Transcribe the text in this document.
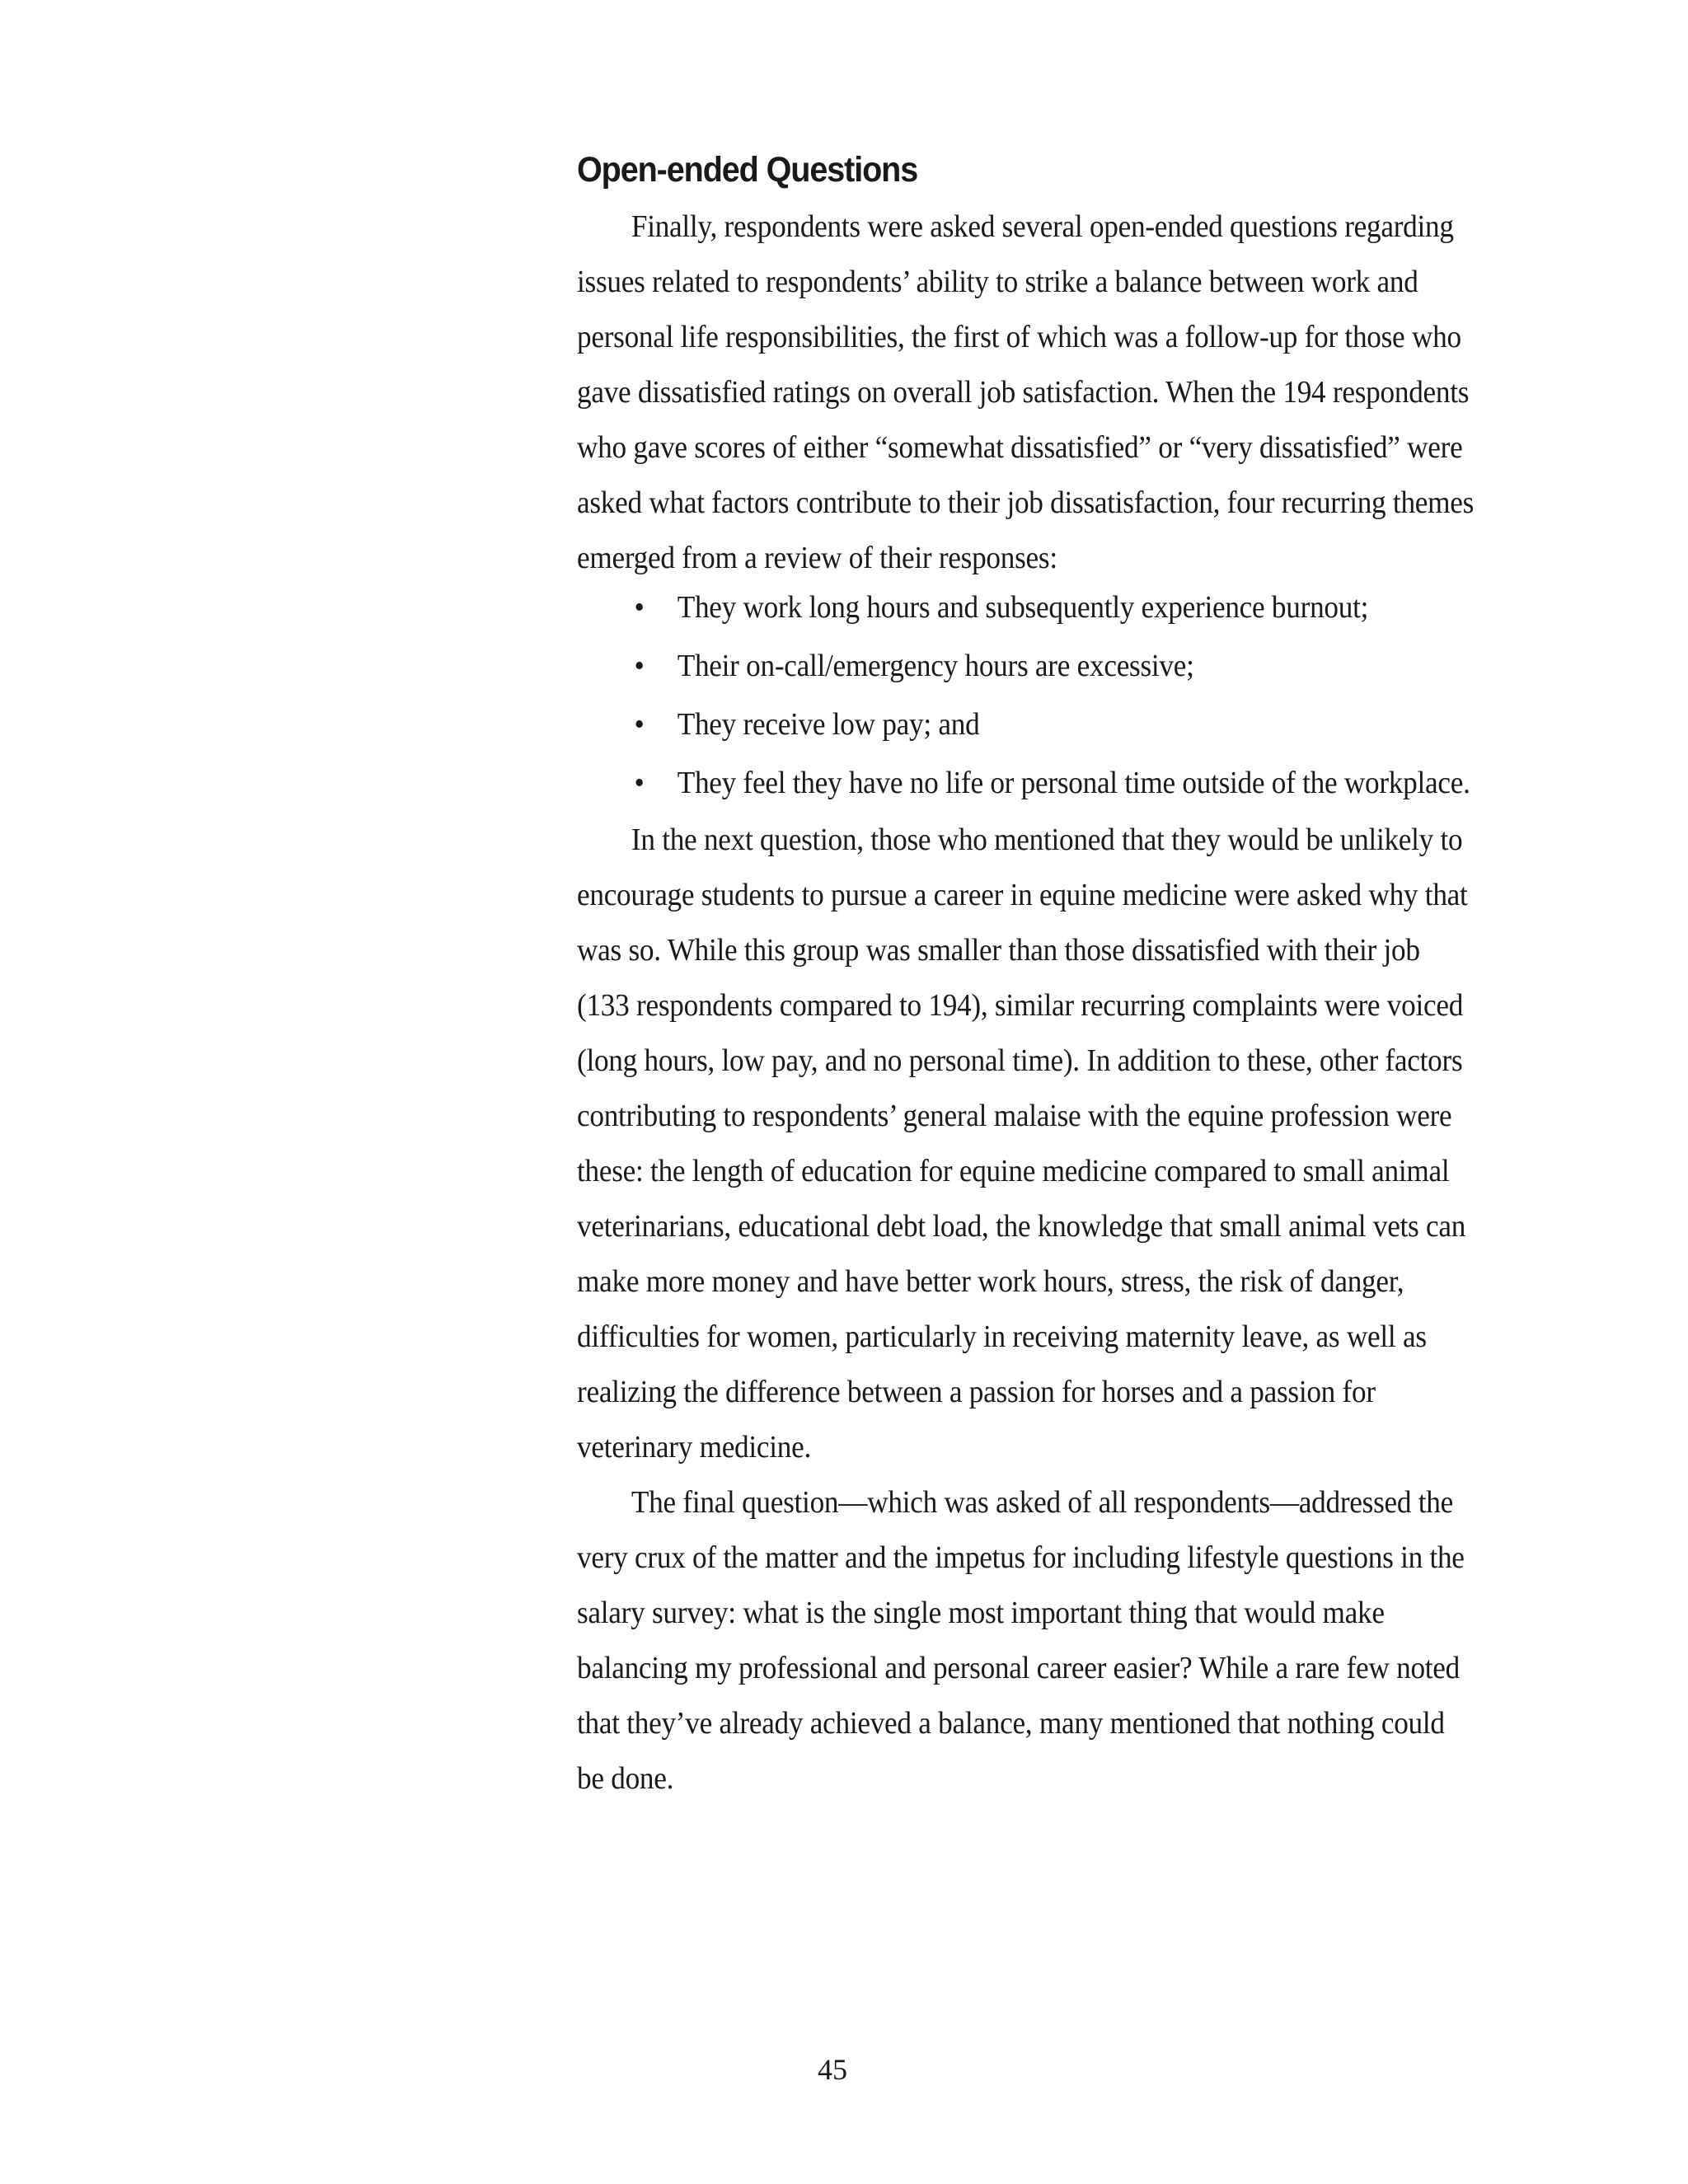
Open-ended Questions

Finally, respondents were asked several open-ended questions regarding issues related to respondents’ ability to strike a balance between work and personal life responsibilities, the first of which was a follow-up for those who gave dissatisfied ratings on overall job satisfaction. When the 194 respondents who gave scores of either “somewhat dissatisfied” or “very dissatisfied” were asked what factors contribute to their job dissatisfaction, four recurring themes emerged from a review of their responses:

• They work long hours and subsequently experience burnout;
• Their on-call/emergency hours are excessive;
• They receive low pay; and
• They feel they have no life or personal time outside of the workplace.

In the next question, those who mentioned that they would be unlikely to encourage students to pursue a career in equine medicine were asked why that was so. While this group was smaller than those dissatisfied with their job (133 respondents compared to 194), similar recurring complaints were voiced (long hours, low pay, and no personal time). In addition to these, other factors contributing to respondents’ general malaise with the equine profession were these: the length of education for equine medicine compared to small animal veterinarians, educational debt load, the knowledge that small animal vets can make more money and have better work hours, stress, the risk of danger, difficulties for women, particularly in receiving maternity leave, as well as realizing the difference between a passion for horses and a passion for veterinary medicine.

The final question—which was asked of all respondents—addressed the very crux of the matter and the impetus for including lifestyle questions in the salary survey: what is the single most important thing that would make balancing my professional and personal career easier? While a rare few noted that they’ve already achieved a balance, many mentioned that nothing could be done.

45
